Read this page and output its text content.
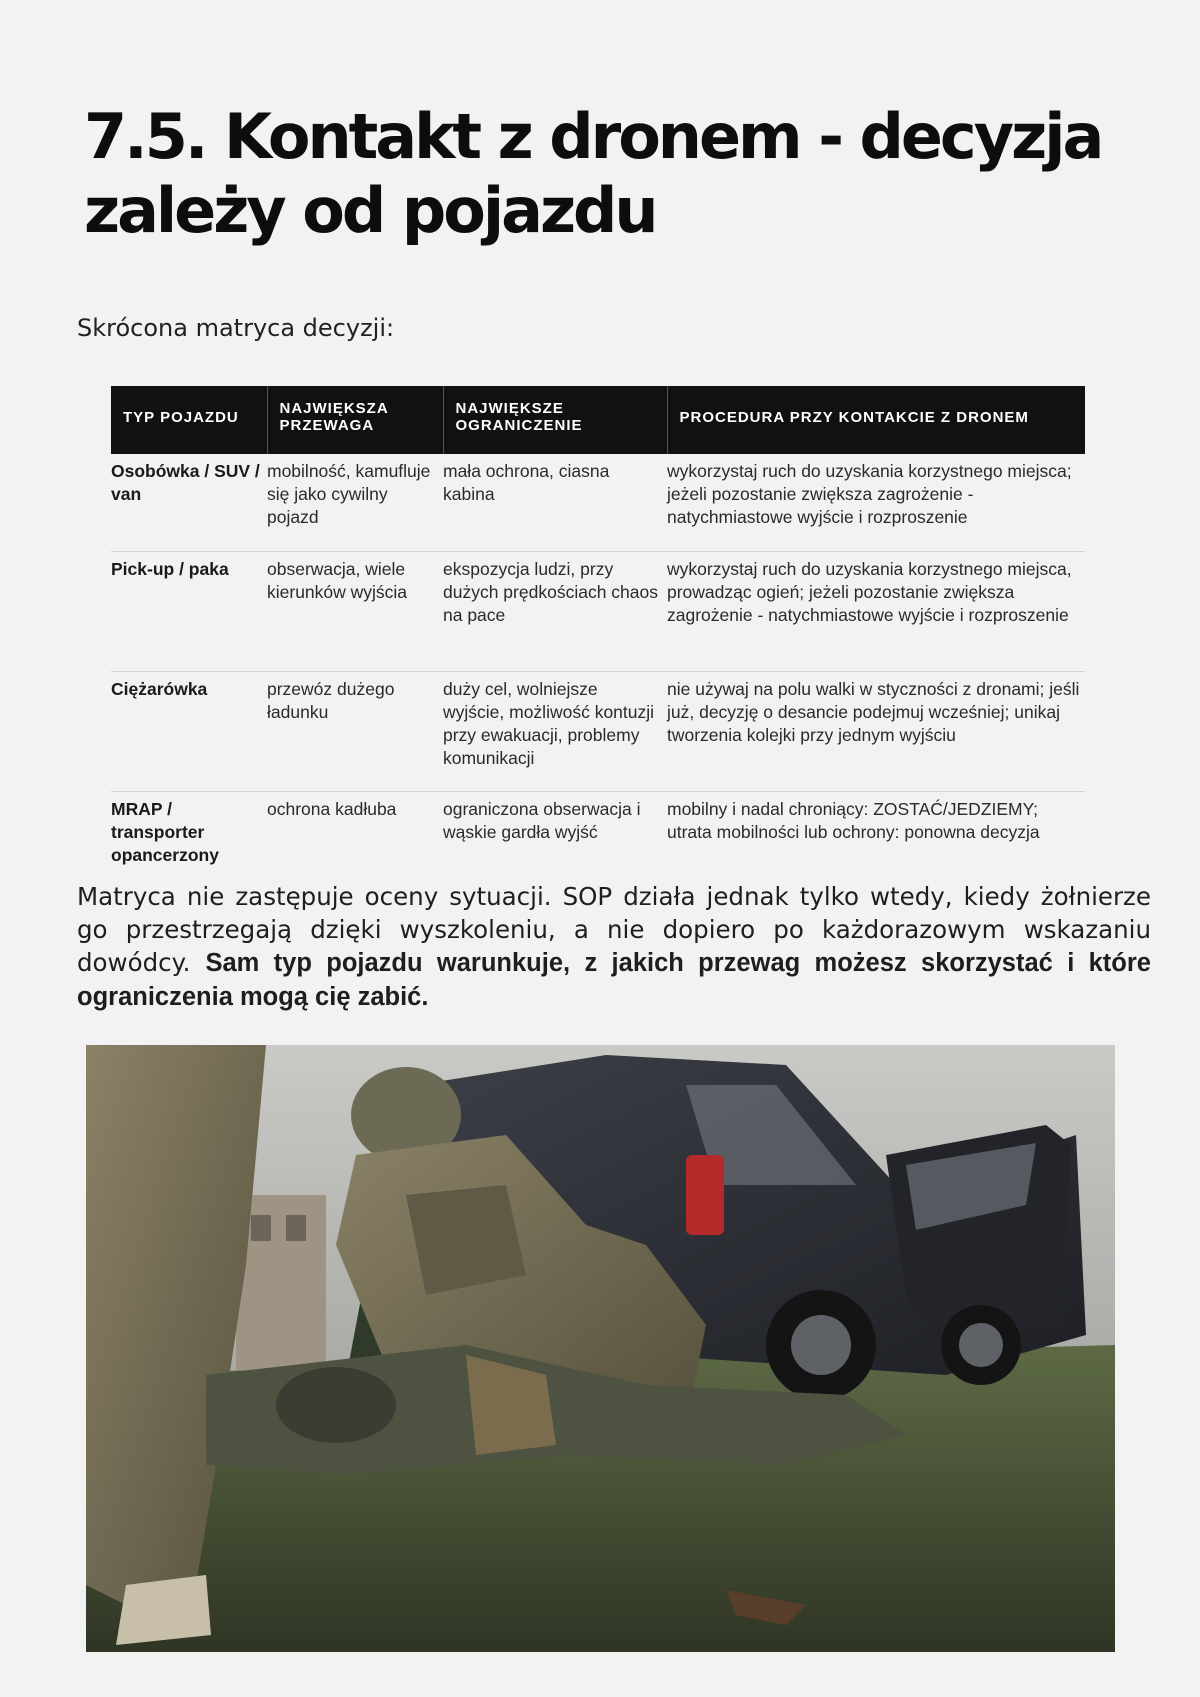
7.5. Kontakt z dronem - decyzja
zależy od pojazdu

Skrócona matryca decyzji:

TYP POJAZDU	NAJWIĘKSZA PRZEWAGA	NAJWIĘKSZE OGRANICZENIE	PROCEDURA PRZY KONTAKCIE Z DRONEM
Osobówka / SUV / van	mobilność, kamufluje się jako cywilny pojazd	mała ochrona, ciasna kabina	wykorzystaj ruch do uzyskania korzystnego miejsca; jeżeli pozostanie zwiększa zagrożenie - natychmiastowe wyjście i rozproszenie
Pick-up / paka	obserwacja, wiele kierunków wyjścia	ekspozycja ludzi, przy dużych prędkościach chaos na pace	wykorzystaj ruch do uzyskania korzystnego miejsca, prowadząc ogień; jeżeli pozostanie zwiększa zagrożenie - natychmiastowe wyjście i rozproszenie
Ciężarówka	przewóz dużego ładunku	duży cel, wolniejsze wyjście, możliwość kontuzji przy ewakuacji, problemy komunikacji	nie używaj na polu walki w styczności z dronami; jeśli już, decyzję o desancie podejmuj wcześniej; unikaj tworzenia kolejki przy jednym wyjściu
MRAP / transporter opancerzony	ochrona kadłuba	ograniczona obserwacja i wąskie gardła wyjść	mobilny i nadal chroniący: ZOSTAĆ/JEDZIEMY; utrata mobilności lub ochrony: ponowna decyzja

Matryca nie zastępuje oceny sytuacji. SOP działa jednak tylko wtedy, kiedy żołnierze go przestrzegają dzięki wyszkoleniu, a nie dopiero po każdorazowym wskazaniu dowódcy. Sam typ pojazdu warunkuje, z jakich przewag możesz skorzystać i które ograniczenia mogą cię zabić.
